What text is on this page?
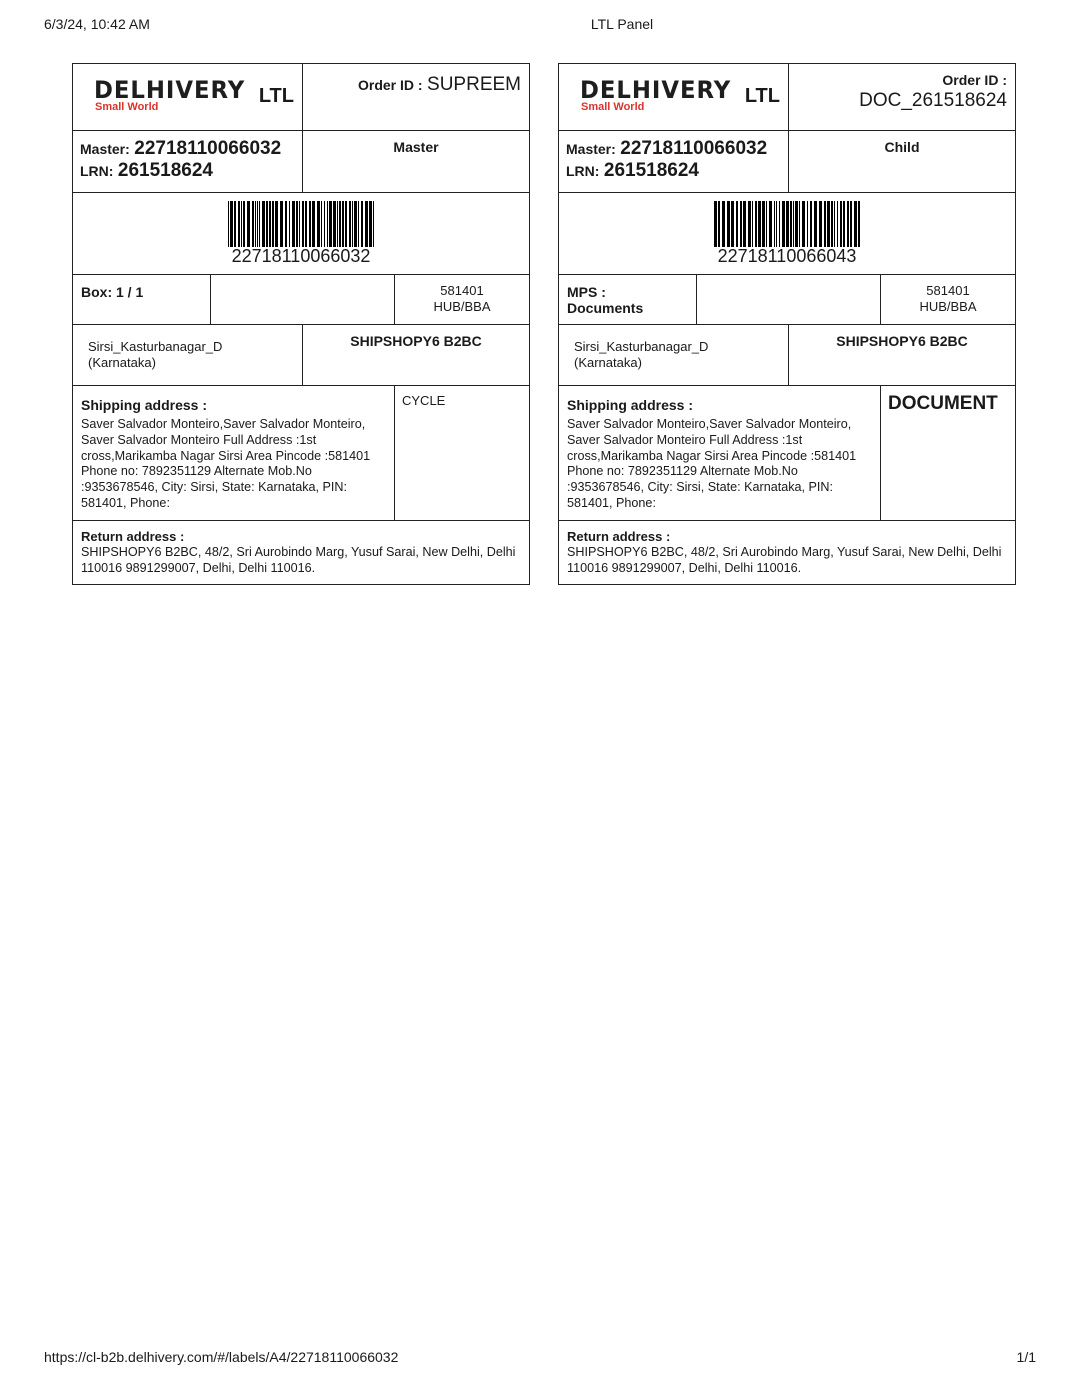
6/3/24, 10:42 AM	LTL Panel
DELHIVERY
Small World	LTL	Order ID : SUPREEM
Master: 22718110066032
LRN: 261518624
Master
22718110066032
Box: 1 / 1	581401
HUB/BBA
Sirsi_Kasturbanagar_D
(Karnataka)
SHIPSHOPY6 B2BC
Shipping address :
Saver Salvador Monteiro,Saver Salvador Monteiro, Saver Salvador Monteiro Full Address :1st cross,Marikamba Nagar Sirsi Area Pincode :581401 Phone no: 7892351129 Alternate Mob.No :9353678546, City: Sirsi, State: Karnataka, PIN: 581401, Phone:
CYCLE
Return address :
SHIPSHOPY6 B2BC, 48/2, Sri Aurobindo Marg, Yusuf Sarai, New Delhi, Delhi 110016 9891299007, Delhi, Delhi 110016.
DELHIVERY
Small World	LTL
Order ID :
DOC_261518624
Master: 22718110066032
LRN: 261518624
Child
22718110066043
MPS :
Documents
581401
HUB/BBA
Sirsi_Kasturbanagar_D
(Karnataka)
SHIPSHOPY6 B2BC
Shipping address :
Saver Salvador Monteiro,Saver Salvador Monteiro, Saver Salvador Monteiro Full Address :1st cross,Marikamba Nagar Sirsi Area Pincode :581401 Phone no: 7892351129 Alternate Mob.No :9353678546, City: Sirsi, State: Karnataka, PIN: 581401, Phone:
DOCUMENT
Return address :
SHIPSHOPY6 B2BC, 48/2, Sri Aurobindo Marg, Yusuf Sarai, New Delhi, Delhi 110016 9891299007, Delhi, Delhi 110016.
https://cl-b2b.delhivery.com/#/labels/A4/22718110066032	1/1
